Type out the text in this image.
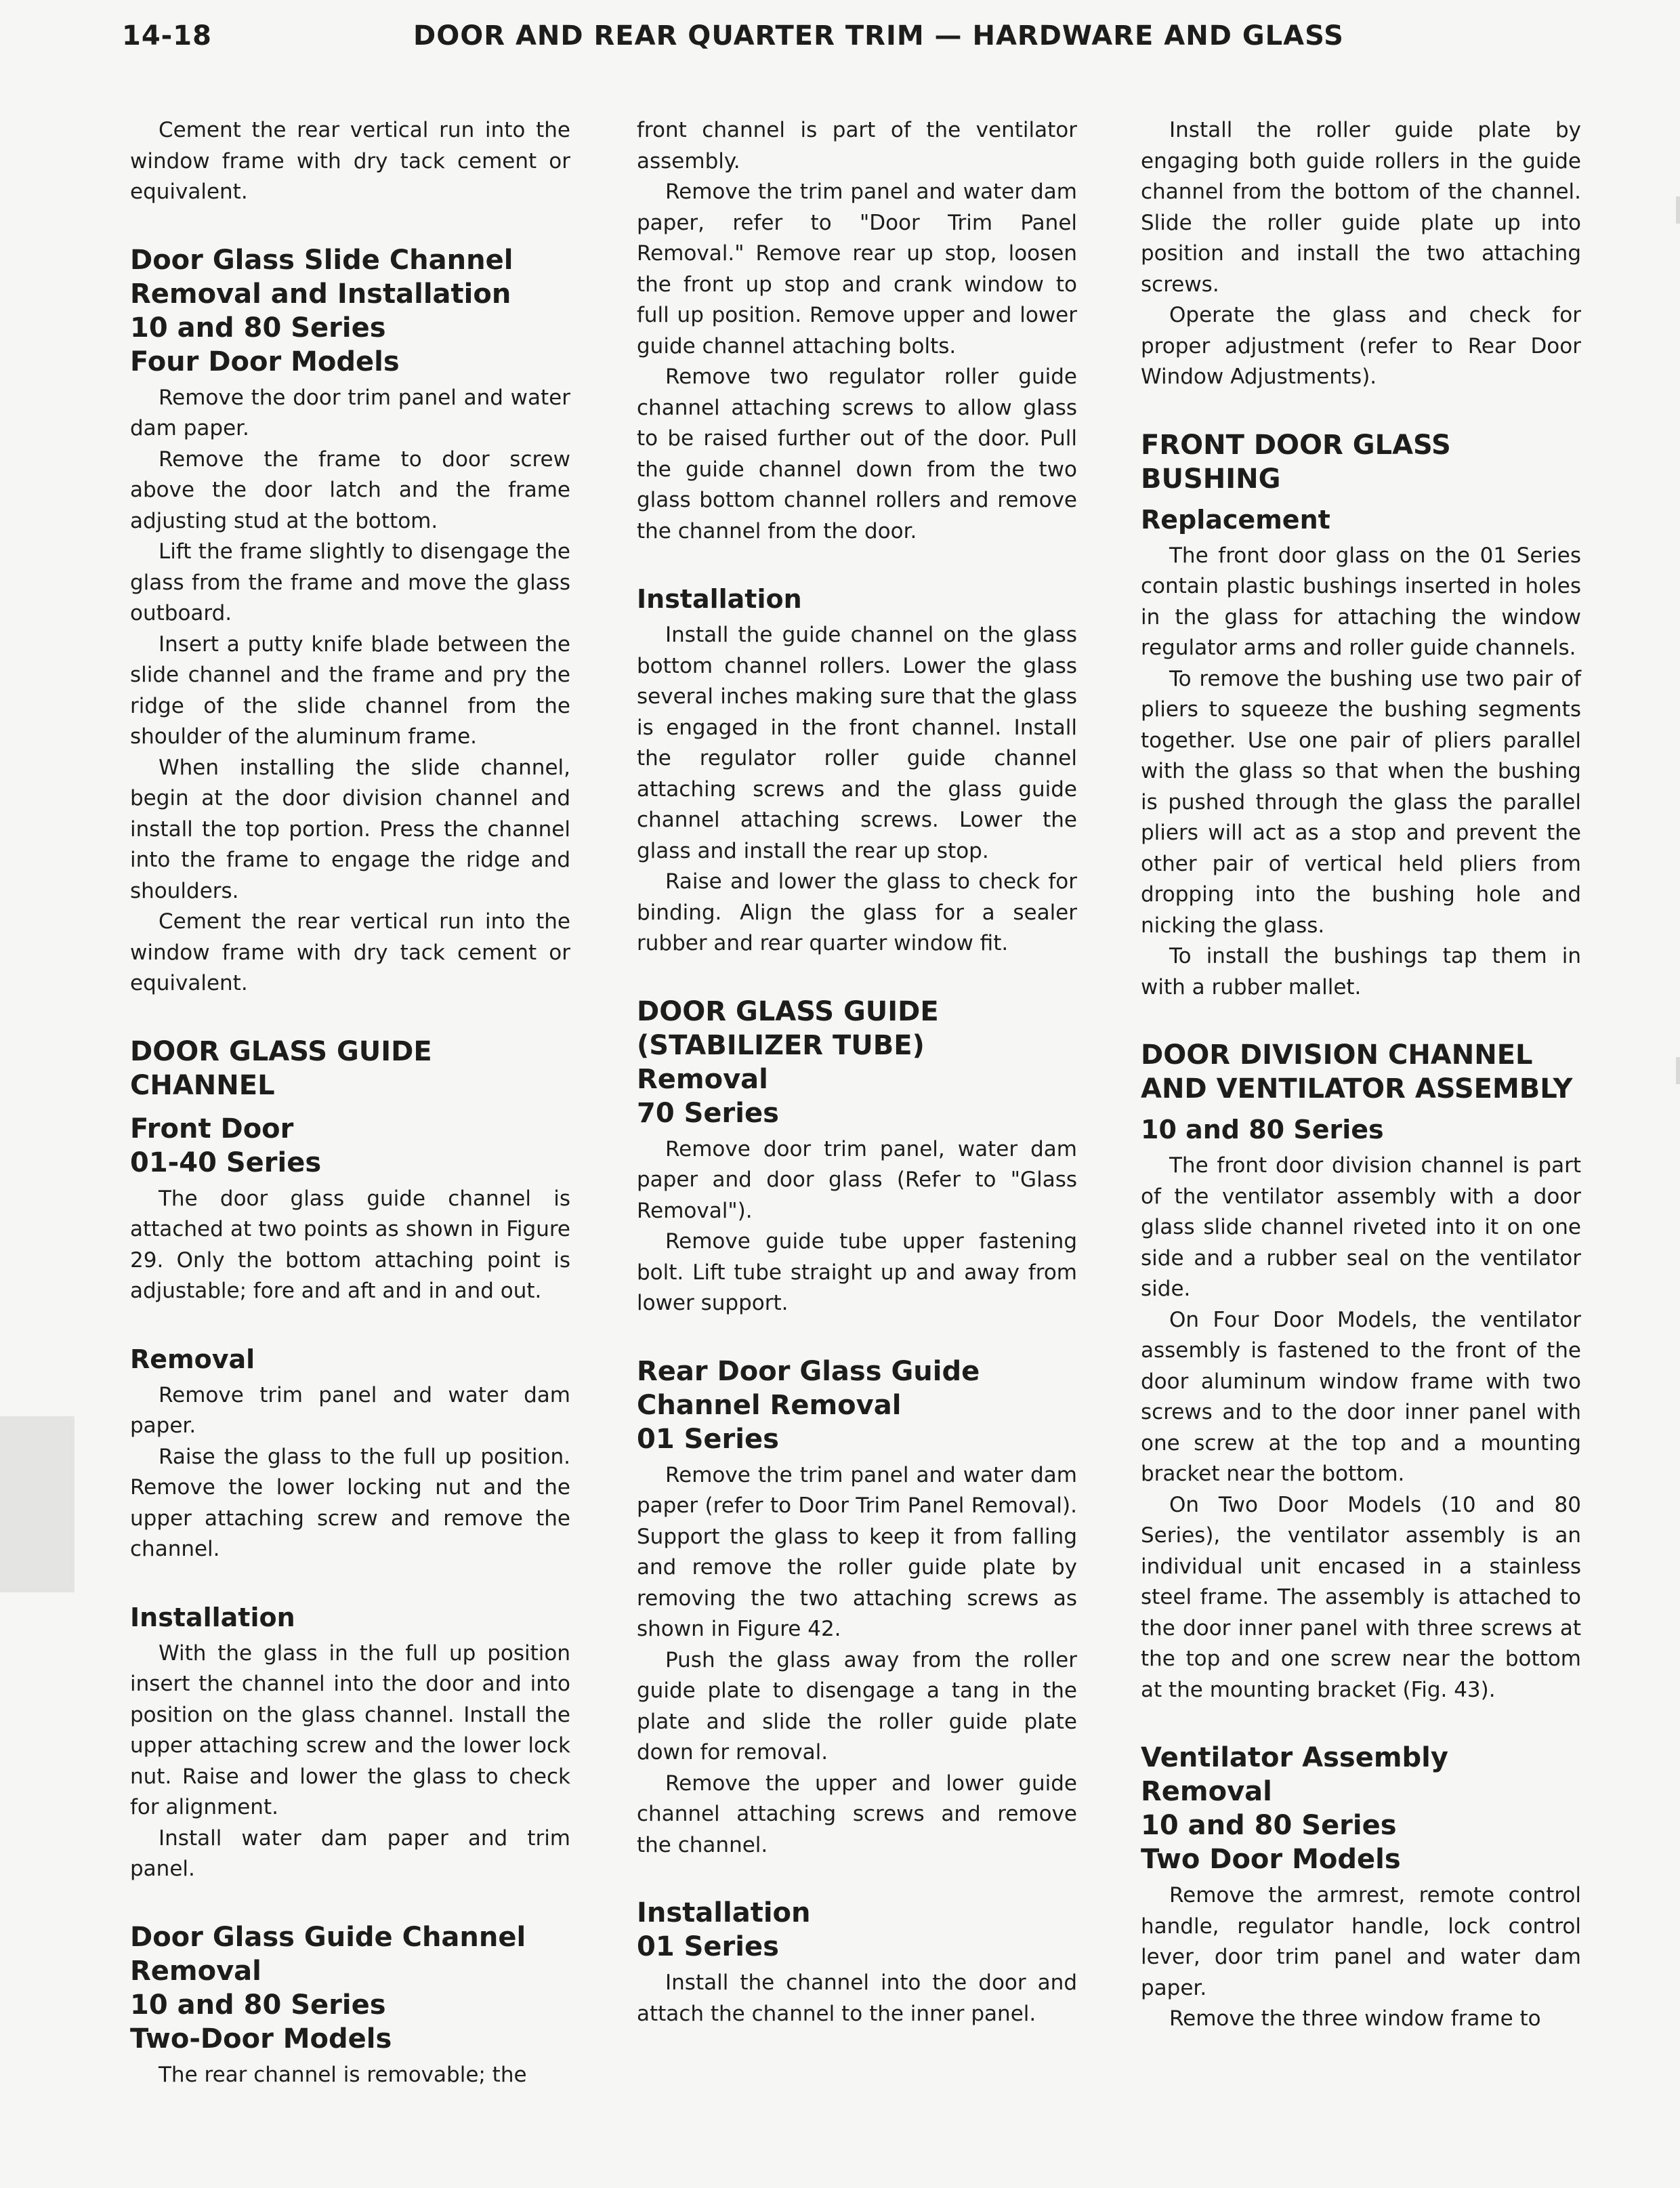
14-18	DOOR AND REAR QUARTER TRIM — HARDWARE AND GLASS

Cement the rear vertical run into the window frame with dry tack cement or equivalent.

Door Glass Slide Channel
Removal and Installation
10 and 80 Series
Four Door Models

Remove the door trim panel and water dam paper.

Remove the frame to door screw above the door latch and the frame adjusting stud at the bottom.

Lift the frame slightly to disengage the glass from the frame and move the glass outboard.

Insert a putty knife blade between the slide channel and the frame and pry the ridge of the slide channel from the shoulder of the aluminum frame.

When installing the slide channel, begin at the door division channel and install the top portion. Press the channel into the frame to engage the ridge and shoulders.

Cement the rear vertical run into the window frame with dry tack cement or equivalent.

DOOR GLASS GUIDE
CHANNEL
Front Door
01-40 Series

The door glass guide channel is attached at two points as shown in Figure 29. Only the bottom attaching point is adjustable; fore and aft and in and out.

Removal

Remove trim panel and water dam paper.

Raise the glass to the full up position. Remove the lower locking nut and the upper attaching screw and remove the channel.

Installation

With the glass in the full up position insert the channel into the door and into position on the glass channel. Install the upper attaching screw and the lower lock nut. Raise and lower the glass to check for alignment.

Install water dam paper and trim panel.

Door Glass Guide Channel
Removal
10 and 80 Series
Two-Door Models

The rear channel is removable; the

front channel is part of the ventilator assembly.

Remove the trim panel and water dam paper, refer to "Door Trim Panel Removal." Remove rear up stop, loosen the front up stop and crank window to full up position. Remove upper and lower guide channel attaching bolts.

Remove two regulator roller guide channel attaching screws to allow glass to be raised further out of the door. Pull the guide channel down from the two glass bottom channel rollers and remove the channel from the door.

Installation

Install the guide channel on the glass bottom channel rollers. Lower the glass several inches making sure that the glass is engaged in the front channel. Install the regulator roller guide channel attaching screws and the glass guide channel attaching screws. Lower the glass and install the rear up stop.

Raise and lower the glass to check for binding. Align the glass for a sealer rubber and rear quarter window fit.

DOOR GLASS GUIDE
(STABILIZER TUBE)
Removal
70 Series

Remove door trim panel, water dam paper and door glass (Refer to "Glass Removal").

Remove guide tube upper fastening bolt. Lift tube straight up and away from lower support.

Rear Door Glass Guide
Channel Removal
01 Series

Remove the trim panel and water dam paper (refer to Door Trim Panel Removal). Support the glass to keep it from falling and remove the roller guide plate by removing the two attaching screws as shown in Figure 42.

Push the glass away from the roller guide plate to disengage a tang in the plate and slide the roller guide plate down for removal.

Remove the upper and lower guide channel attaching screws and remove the channel.

Installation
01 Series

Install the channel into the door and attach the channel to the inner panel.

Install the roller guide plate by engaging both guide rollers in the guide channel from the bottom of the channel. Slide the roller guide plate up into position and install the two attaching screws.

Operate the glass and check for proper adjustment (refer to Rear Door Window Adjustments).

FRONT DOOR GLASS
BUSHING
Replacement

The front door glass on the 01 Series contain plastic bushings inserted in holes in the glass for attaching the window regulator arms and roller guide channels.

To remove the bushing use two pair of pliers to squeeze the bushing segments together. Use one pair of pliers parallel with the glass so that when the bushing is pushed through the glass the parallel pliers will act as a stop and prevent the other pair of vertical held pliers from dropping into the bushing hole and nicking the glass.

To install the bushings tap them in with a rubber mallet.

DOOR DIVISION CHANNEL
AND VENTILATOR ASSEMBLY
10 and 80 Series

The front door division channel is part of the ventilator assembly with a door glass slide channel riveted into it on one side and a rubber seal on the ventilator side.

On Four Door Models, the ventilator assembly is fastened to the front of the door aluminum window frame with two screws and to the door inner panel with one screw at the top and a mounting bracket near the bottom.

On Two Door Models (10 and 80 Series), the ventilator assembly is an individual unit encased in a stainless steel frame. The assembly is attached to the door inner panel with three screws at the top and one screw near the bottom at the mounting bracket (Fig. 43).

Ventilator Assembly Removal
10 and 80 Series
Two Door Models

Remove the armrest, remote control handle, regulator handle, lock control lever, door trim panel and water dam paper.

Remove the three window frame to
